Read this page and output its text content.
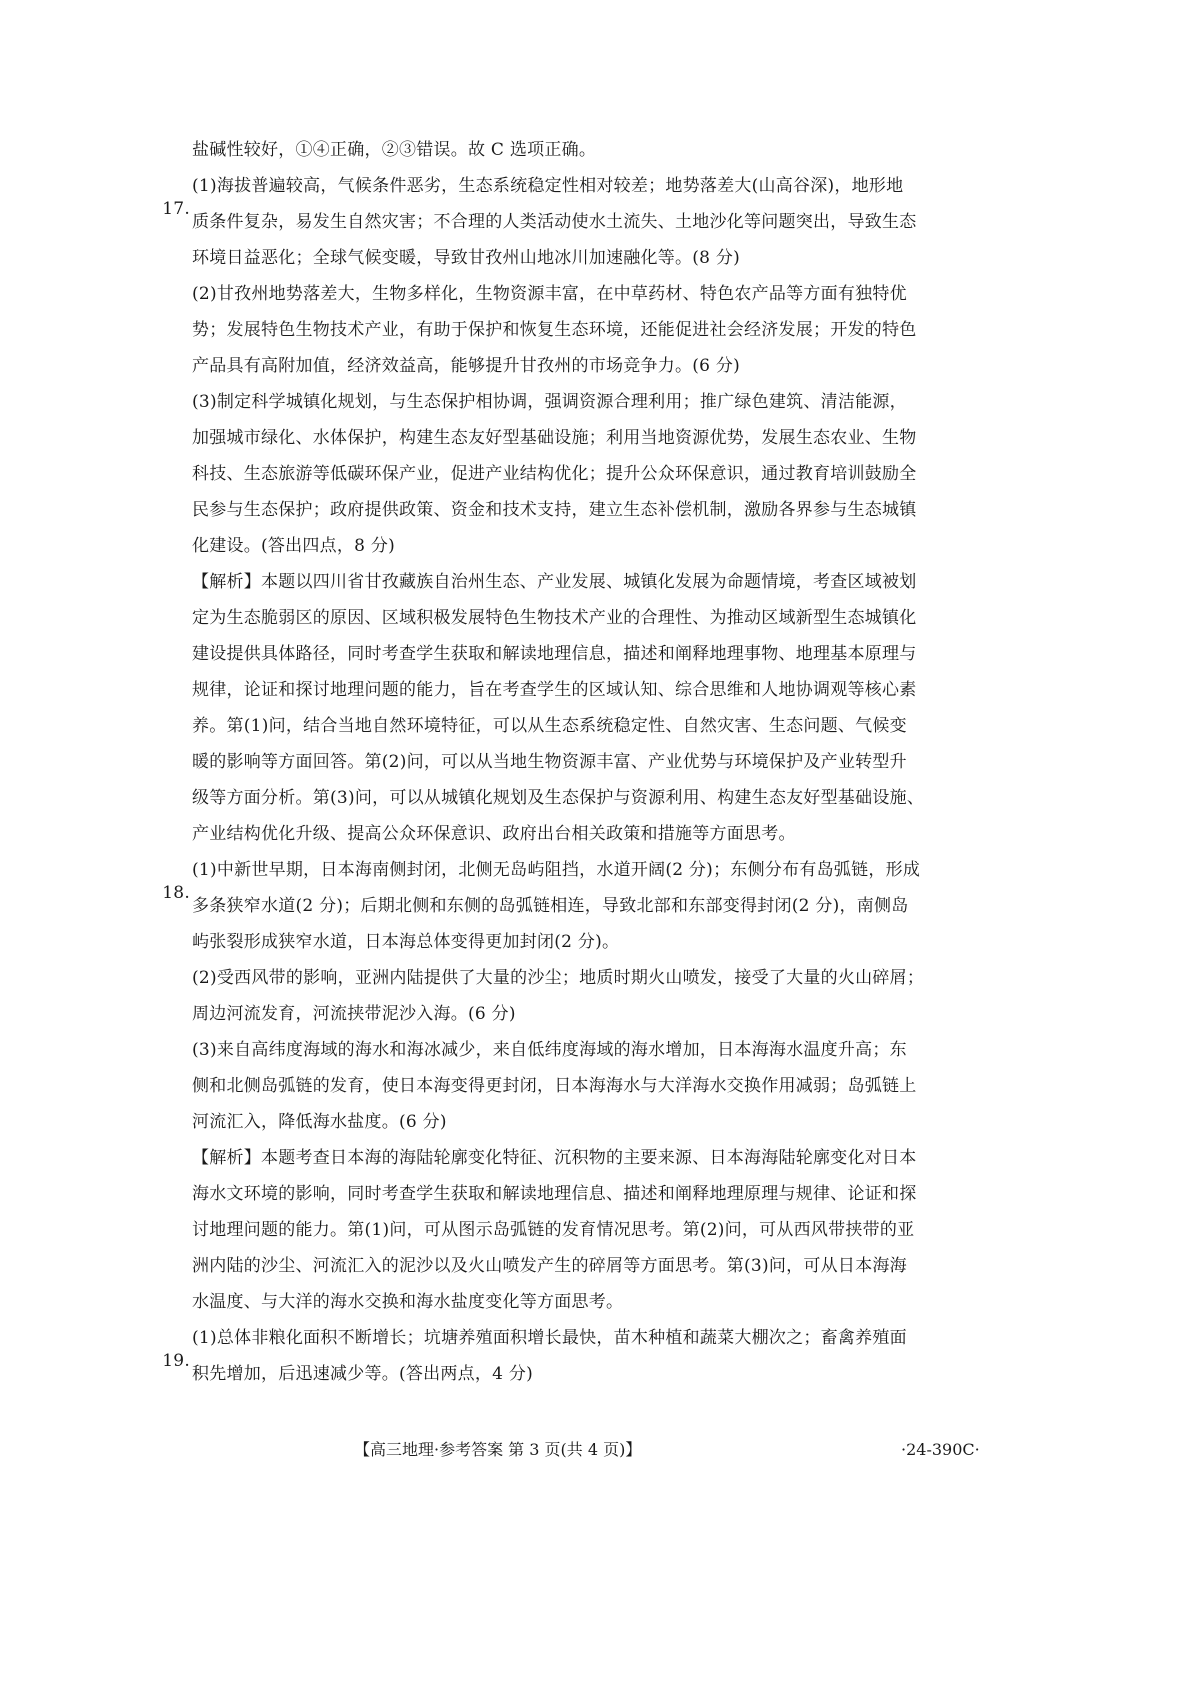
盐碱性较好，①④正确，②③错误。故 C 选项正确。
17.
(1)海拔普遍较高，气候条件恶劣，生态系统稳定性相对较差；地势落差大(山高谷深)，地形地
质条件复杂，易发生自然灾害；不合理的人类活动使水土流失、土地沙化等问题突出，导致生态
环境日益恶化；全球气候变暖，导致甘孜州山地冰川加速融化等。(8 分)
(2)甘孜州地势落差大，生物多样化，生物资源丰富，在中草药材、特色农产品等方面有独特优
势；发展特色生物技术产业，有助于保护和恢复生态环境，还能促进社会经济发展；开发的特色
产品具有高附加值，经济效益高，能够提升甘孜州的市场竞争力。(6 分)
(3)制定科学城镇化规划，与生态保护相协调，强调资源合理利用；推广绿色建筑、清洁能源，
加强城市绿化、水体保护，构建生态友好型基础设施；利用当地资源优势，发展生态农业、生物
科技、生态旅游等低碳环保产业，促进产业结构优化；提升公众环保意识，通过教育培训鼓励全
民参与生态保护；政府提供政策、资金和技术支持，建立生态补偿机制，激励各界参与生态城镇
化建设。(答出四点，8 分)
【解析】本题以四川省甘孜藏族自治州生态、产业发展、城镇化发展为命题情境，考查区域被划
定为生态脆弱区的原因、区域积极发展特色生物技术产业的合理性、为推动区域新型生态城镇化
建设提供具体路径，同时考查学生获取和解读地理信息，描述和阐释地理事物、地理基本原理与
规律，论证和探讨地理问题的能力，旨在考查学生的区域认知、综合思维和人地协调观等核心素
养。第(1)问，结合当地自然环境特征，可以从生态系统稳定性、自然灾害、生态问题、气候变
暖的影响等方面回答。第(2)问，可以从当地生物资源丰富、产业优势与环境保护及产业转型升
级等方面分析。第(3)问，可以从城镇化规划及生态保护与资源利用、构建生态友好型基础设施、
产业结构优化升级、提高公众环保意识、政府出台相关政策和措施等方面思考。
18.
(1)中新世早期，日本海南侧封闭，北侧无岛屿阻挡，水道开阔(2 分)；东侧分布有岛弧链，形成
多条狭窄水道(2 分)；后期北侧和东侧的岛弧链相连，导致北部和东部变得封闭(2 分)，南侧岛
屿张裂形成狭窄水道，日本海总体变得更加封闭(2 分)。
(2)受西风带的影响，亚洲内陆提供了大量的沙尘；地质时期火山喷发，接受了大量的火山碎屑；
周边河流发育，河流挟带泥沙入海。(6 分)
(3)来自高纬度海域的海水和海冰减少，来自低纬度海域的海水增加，日本海海水温度升高；东
侧和北侧岛弧链的发育，使日本海变得更封闭，日本海海水与大洋海水交换作用减弱；岛弧链上
河流汇入，降低海水盐度。(6 分)
【解析】本题考查日本海的海陆轮廓变化特征、沉积物的主要来源、日本海海陆轮廓变化对日本
海水文环境的影响，同时考查学生获取和解读地理信息、描述和阐释地理原理与规律、论证和探
讨地理问题的能力。第(1)问，可从图示岛弧链的发育情况思考。第(2)问，可从西风带挟带的亚
洲内陆的沙尘、河流汇入的泥沙以及火山喷发产生的碎屑等方面思考。第(3)问，可从日本海海
水温度、与大洋的海水交换和海水盐度变化等方面思考。
19.
(1)总体非粮化面积不断增长；坑塘养殖面积增长最快，苗木种植和蔬菜大棚次之；畜禽养殖面
积先增加，后迅速减少等。(答出两点，4 分)
【高三地理·参考答案 第 3 页(共 4 页)】	·24-390C·
